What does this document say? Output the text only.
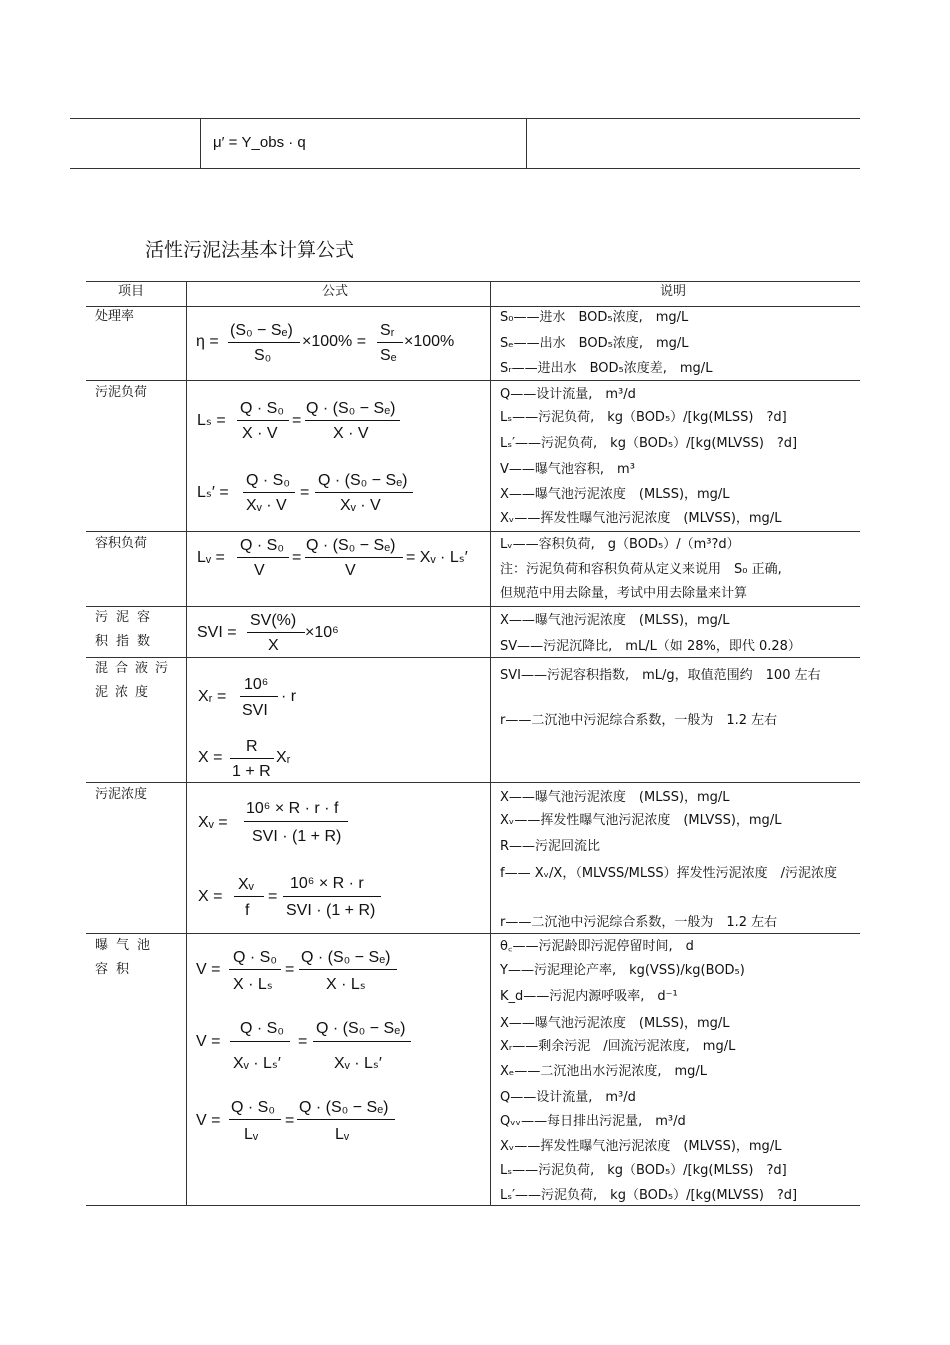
μ′ = Y_obs · q
活性污泥法基本计算公式
项目	公式	说明
处理率
污泥负荷
容积负荷
污泥容积指数
混合液污泥浓度
污泥浓度
曝气池容积
η =
(S₀ − Sₑ)
S₀
×100% =
Sᵣ
Sₑ
×100%
Lₛ =
Q · S₀
X · V
=
Q · (S₀ − Sₑ)
X · V
Lₛ′ =
Q · S₀
Xᵥ · V
=
Q · (S₀ − Sₑ)
Xᵥ · V
Lᵥ =
Q · S₀
V
=
Q · (S₀ − Sₑ)
V
= Xᵥ · Lₛ′
SVI =
SV(%)
X
×10⁶
Xᵣ =
10⁶
SVI
· r
X =
R
1 + R
Xᵣ
Xᵥ =
10⁶ × R · r · f
SVI · (1 + R)
X =
Xᵥ
f
=
10⁶ × R · r
SVI · (1 + R)
V =
Q · S₀
X · Lₛ
=
Q · (S₀ − Sₑ)
X · Lₛ
V =
Q · S₀
Xᵥ · Lₛ′
=
Q · (S₀ − Sₑ)
Xᵥ · Lₛ′
V =
Q · S₀
Lᵥ
=
Q · (S₀ − Sₑ)
Lᵥ
S₀——进水　BOD₅浓度,　mg/L
Sₑ——出水　BOD₅浓度,　mg/L
Sᵣ——进出水　BOD₅浓度差,　mg/L
Q——设计流量,　m³/d
Lₛ——污泥负荷,　kg（BOD₅）/[kg(MLSS)　?d]
Lₛ′——污泥负荷,　kg（BOD₅）/[kg(MLVSS)　?d]
V——曝气池容积,　m³
X——曝气池污泥浓度　(MLSS)，mg/L
Xᵥ——挥发性曝气池污泥浓度　(MLVSS)，mg/L
Lᵥ——容积负荷,　g（BOD₅）/（m³?d）
注：污泥负荷和容积负荷从定义来说用　S₀ 正确,
但规范中用去除量，考试中用去除量来计算
X——曝气池污泥浓度　(MLSS)，mg/L
SV——污泥沉降比,　mL/L（如 28%，即代 0.28）
SVI——污泥容积指数,　mL/g，取值范围约　100 左右
r——二沉池中污泥综合系数，一般为　1.2 左右
X——曝气池污泥浓度　(MLSS)，mg/L
Xᵥ——挥发性曝气池污泥浓度　(MLVSS)，mg/L
R——污泥回流比
f—— Xᵥ/X，（MLVSS/MLSS）挥发性污泥浓度　/污泥浓度
r——二沉池中污泥综合系数，一般为　1.2 左右
θ꜀——污泥龄即污泥停留时间,　d
Y——污泥理论产率,　kg(VSS)/kg(BOD₅)
K_d——污泥内源呼吸率,　d⁻¹
X——曝气池污泥浓度　(MLSS)，mg/L
Xᵣ——剩余污泥　/回流污泥浓度,　mg/L
Xₑ——二沉池出水污泥浓度,　mg/L
Q——设计流量,　m³/d
Qᵥᵥ——每日排出污泥量,　m³/d
Xᵥ——挥发性曝气池污泥浓度　(MLVSS)，mg/L
Lₛ——污泥负荷,　kg（BOD₅）/[kg(MLSS)　?d]
Lₛ′——污泥负荷,　kg（BOD₅）/[kg(MLVSS)　?d]
